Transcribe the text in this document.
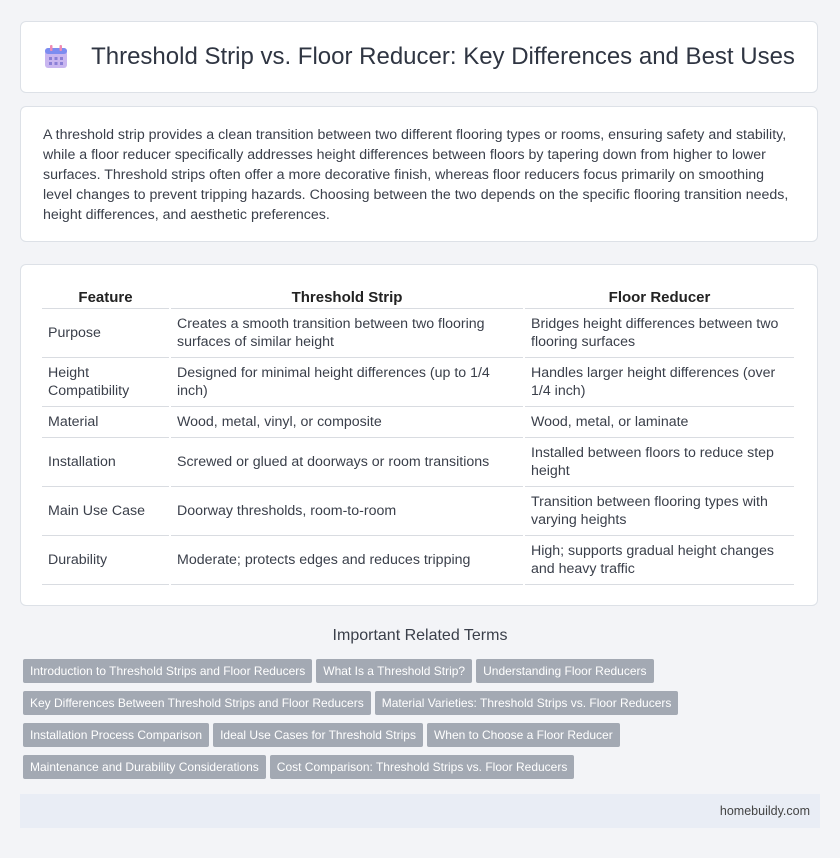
Threshold Strip vs. Floor Reducer: Key Differences and Best Uses

A threshold strip provides a clean transition between two different flooring types or rooms, ensuring safety and stability, while a floor reducer specifically addresses height differences between floors by tapering down from higher to lower surfaces. Threshold strips often offer a more decorative finish, whereas floor reducers focus primarily on smoothing level changes to prevent tripping hazards. Choosing between the two depends on the specific flooring transition needs, height differences, and aesthetic preferences.

Feature	Threshold Strip	Floor Reducer
Purpose	Creates a smooth transition between two flooring surfaces of similar height	Bridges height differences between two flooring surfaces
Height Compatibility	Designed for minimal height differences (up to 1/4 inch)	Handles larger height differences (over 1/4 inch)
Material	Wood, metal, vinyl, or composite	Wood, metal, or laminate
Installation	Screwed or glued at doorways or room transitions	Installed between floors to reduce step height
Main Use Case	Doorway thresholds, room-to-room	Transition between flooring types with varying heights
Durability	Moderate; protects edges and reduces tripping	High; supports gradual height changes and heavy traffic
Important Related Terms
Introduction to Threshold Strips and Floor Reducers What Is a Threshold Strip? Understanding Floor Reducers
Key Differences Between Threshold Strips and Floor Reducers Material Varieties: Threshold Strips vs. Floor Reducers
Installation Process Comparison Ideal Use Cases for Threshold Strips When to Choose a Floor Reducer
Maintenance and Durability Considerations Cost Comparison: Threshold Strips vs. Floor Reducers
homebuildy.com
